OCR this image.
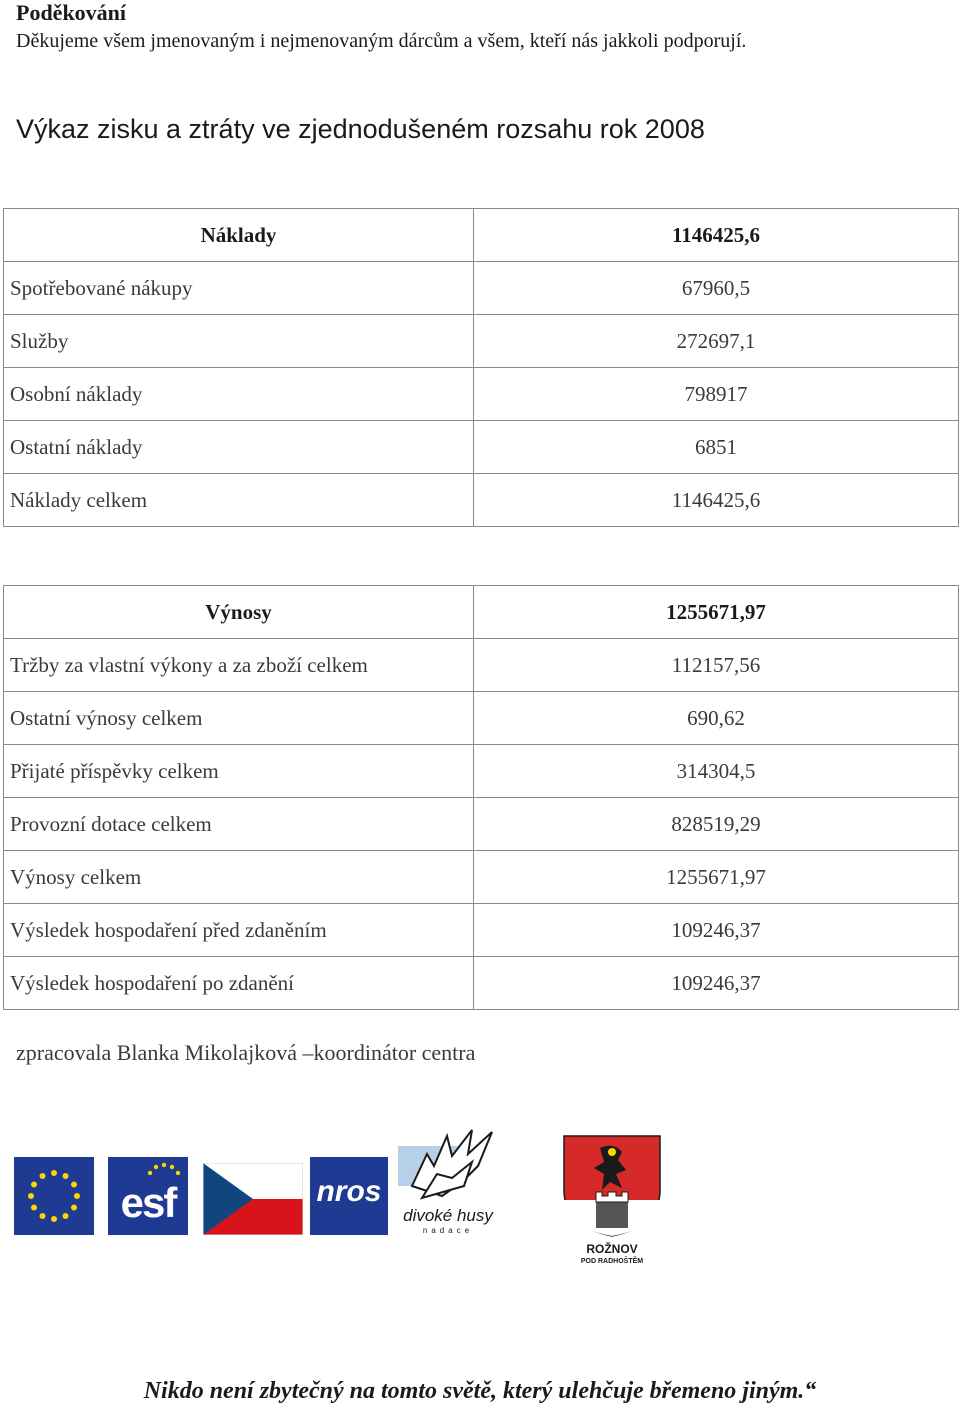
Poděkování
Děkujeme všem jmenovaným i nejmenovaným dárcům a všem, kteří nás jakkoli podporují.
Výkaz zisku a ztráty ve zjednodušeném rozsahu rok 2008
Náklady	1146425,6
Spotřebované nákupy	67960,5
Služby	272697,1
Osobní náklady	798917
Ostatní náklady	6851
Náklady celkem	1146425,6
Výnosy	1255671,97
Tržby za vlastní výkony a za zboží celkem	112157,56
Ostatní výnosy celkem	690,62
Přijaté příspěvky celkem	314304,5
Provozní dotace celkem	828519,29
Výnosy celkem	1255671,97
Výsledek hospodaření před zdaněním	109246,37
Výsledek hospodaření po zdanění	109246,37
zpracovala Blanka Mikolajková –koordinátor centra
esf	nros
divoké husy
nadace
ROŽNOV
POD RADHOŠTĚM
Nikdo není zbytečný na tomto světě, který ulehčuje břemeno jiným.“
